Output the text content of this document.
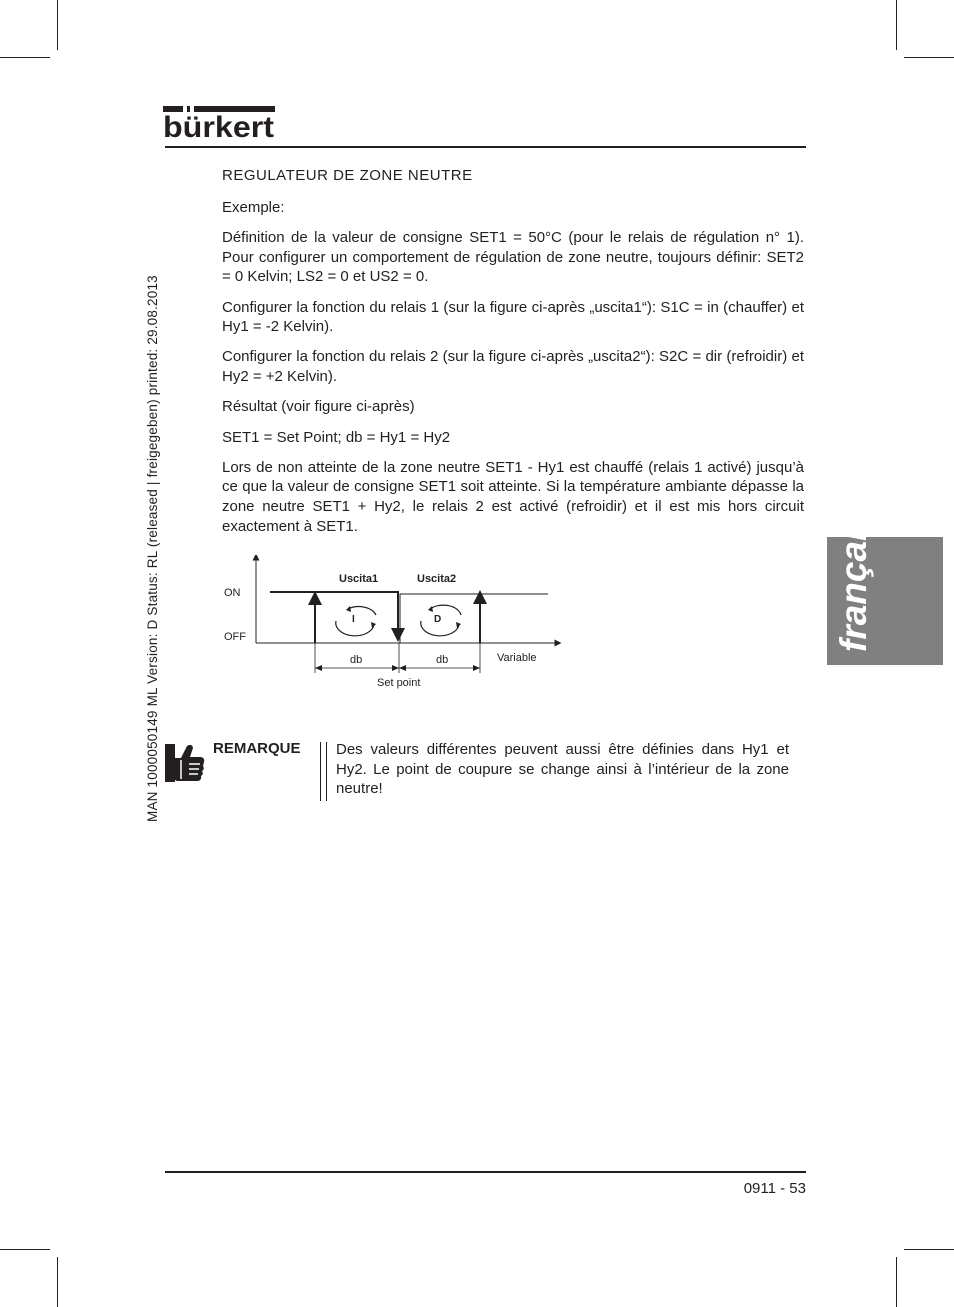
bürkert
MAN 1000050149 ML Version: D Status: RL (released | freigegeben) printed: 29.08.2013	français

REGULATEUR DE ZONE NEUTRE

Exemple:

Définition de la valeur de consigne SET1 = 50°C (pour le relais de régulation n° 1). Pour configurer un comportement de régulation de zone neutre, toujours définir: SET2 = 0 Kelvin; LS2 = 0 et US2 = 0.

Configurer la fonction du relais 1 (sur la figure ci-après „uscita1“): S1C = in (chauffer) et Hy1 = -2 Kelvin).

Configurer la fonction du relais 2 (sur la figure ci-après „uscita2“): S2C = dir (refroidir) et Hy2 = +2 Kelvin).

Résultat (voir figure ci-après)

SET1 = Set Point; db = Hy1 = Hy2

Lors de non atteinte de la zone neutre SET1 - Hy1 est chauffé (relais 1 activé) jusqu’à ce que la valeur de consigne SET1 soit atteinte. Si la température ambiante dépasse la zone neutre SET1 + Hy2, le relais 2 est activé (refroidir) et il est mis hors circuit exactement à SET1.

ON
OFF
Uscita1	Uscita2
I	D
db	db	Variable
Set point
REMARQUE Des valeurs différentes peuvent aussi être définies dans Hy1 et Hy2. Le point de coupure se change ainsi à l’intérieur de la zone neutre!
0911 - 53
